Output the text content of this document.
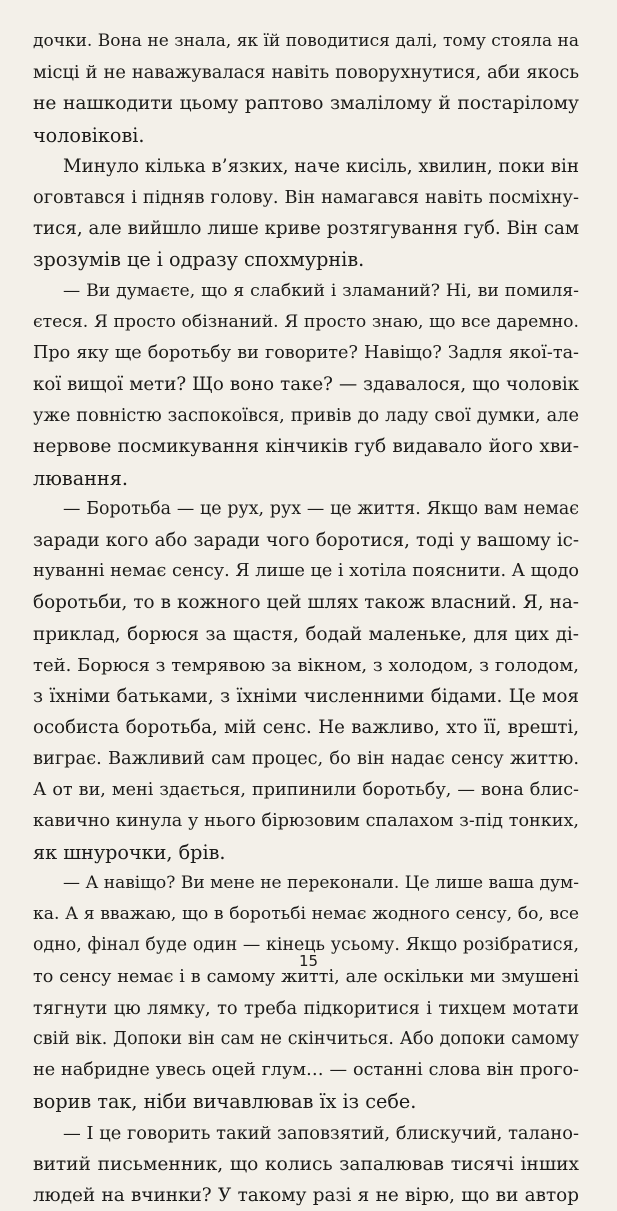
дочки. Вона не знала, як їй поводитися далі, тому стояла на
місці й не наважувалася навіть поворухнутися, аби якось
не нашкодити цьому раптово змалілому й постарілому
чоловікові.
Минуло кілька в’язких, наче кисіль, хвилин, поки він
оговтався і підняв голову. Він намагався навіть посміхну-
тися, але вийшло лише криве розтягування губ. Він сам
зрозумів це і одразу спохмурнів.
— Ви думаєте, що я слабкий і зламаний? Ні, ви помиля-
єтеся. Я просто обізнаний. Я просто знаю, що все даремно.
Про яку ще боротьбу ви говорите? Навіщо? Задля якої-та-
кої вищої мети? Що воно таке? — здавалося, що чоловік
уже повністю заспокоївся, привів до ладу свої думки, але
нервове посмикування кінчиків губ видавало його хви-
лювання.
— Боротьба — це рух, рух — це життя. Якщо вам немає
заради кого або заради чого боротися, тоді у вашому іс-
нуванні немає сенсу. Я лише це і хотіла пояснити. А щодо
боротьби, то в кожного цей шлях також власний. Я, на-
приклад, борюся за щастя, бодай маленьке, для цих ді-
тей. Борюся з темрявою за вікном, з холодом, з голодом,
з їхніми батьками, з їхніми численними бідами. Це моя
особиста боротьба, мій сенс. Не важливо, хто її, врешті,
виграє. Важливий сам процес, бо він надає сенсу життю.
А от ви, мені здається, припинили боротьбу, — вона блис-
кавично кинула у нього бірюзовим спалахом з-під тонких,
як шнурочки, брів.
— А навіщо? Ви мене не переконали. Це лише ваша дум-
ка. А я вважаю, що в боротьбі немає жодного сенсу, бо, все
одно, фінал буде один — кінець усьому. Якщо розібратися,
то сенсу немає і в самому житті, але оскільки ми змушені
тягнути цю лямку, то треба підкоритися і тихцем мотати
свій вік. Допоки він сам не скінчиться. Або допоки самому
не набридне увесь оцей глум… — останні слова він прого-
ворив так, ніби вичавлював їх із себе.
— І це говорить такий заповзятий, блискучий, талано-
витий письменник, що колись запалював тисячі інших
людей на вчинки? У такому разі я не вірю, що ви автор
15
